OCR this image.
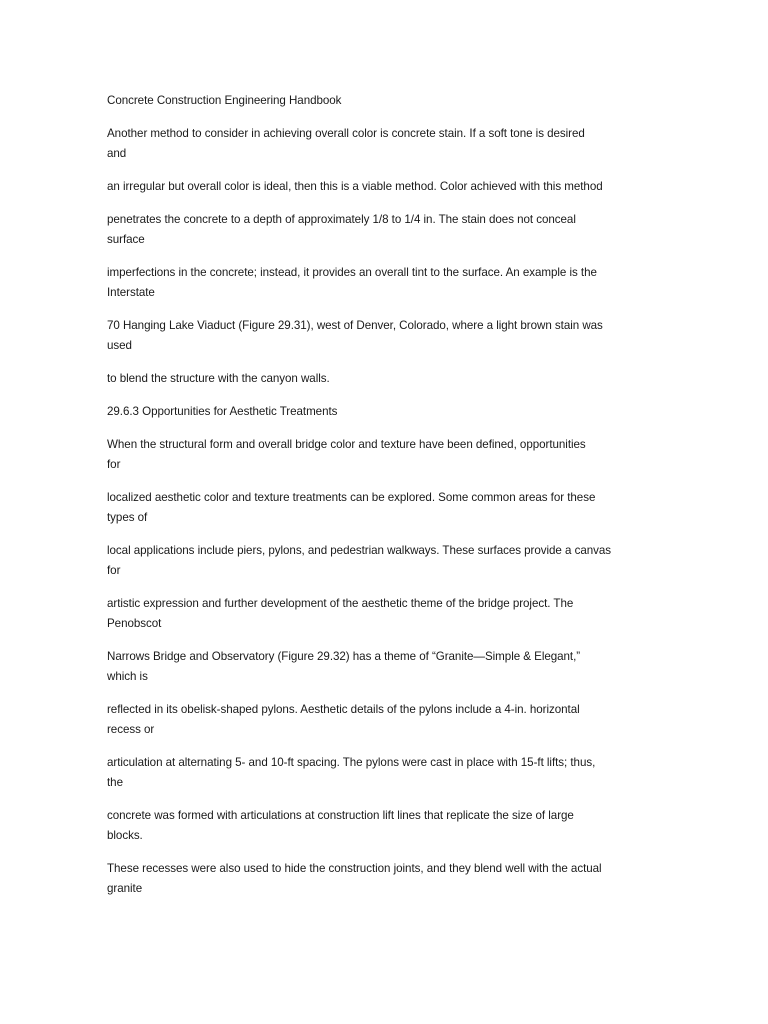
Concrete Construction Engineering Handbook

Another method to consider in achieving overall color is concrete stain. If a soft tone is desired
and

an irregular but overall color is ideal, then this is a viable method. Color achieved with this method

penetrates the concrete to a depth of approximately 1/8 to 1/4 in. The stain does not conceal
surface

imperfections in the concrete; instead, it provides an overall tint to the surface. An example is the
Interstate

70 Hanging Lake Viaduct (Figure 29.31), west of Denver, Colorado, where a light brown stain was
used

to blend the structure with the canyon walls.

29.6.3 Opportunities for Aesthetic Treatments

When the structural form and overall bridge color and texture have been defined, opportunities
for

localized aesthetic color and texture treatments can be explored. Some common areas for these
types of

local applications include piers, pylons, and pedestrian walkways. These surfaces provide a canvas
for

artistic expression and further development of the aesthetic theme of the bridge project. The
Penobscot

Narrows Bridge and Observatory (Figure 29.32) has a theme of “Granite—Simple & Elegant,”
which is

reflected in its obelisk-shaped pylons. Aesthetic details of the pylons include a 4-in. horizontal
recess or

articulation at alternating 5- and 10-ft spacing. The pylons were cast in place with 15-ft lifts; thus,
the

concrete was formed with articulations at construction lift lines that replicate the size of large
blocks.

These recesses were also used to hide the construction joints, and they blend well with the actual
granite
